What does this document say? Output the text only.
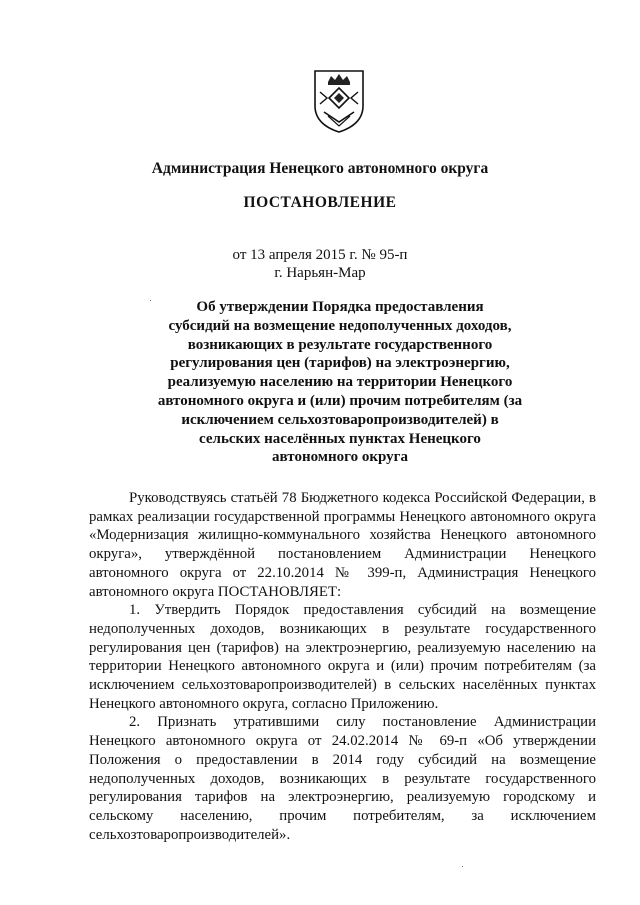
Администрация Ненецкого автономного округа
ПОСТАНОВЛЕНИЕ
от 13 апреля 2015 г. № 95-п
г. Нарьян-Мар
Об утверждении Порядка предоставления
субсидий на возмещение недополученных доходов,
возникающих в результате государственного
регулирования цен (тарифов) на электроэнергию,
реализуемую населению на территории Ненецкого
автономного округа и (или) прочим потребителям (за
исключением сельхозтоваропроизводителей) в
сельских населённых пунктах Ненецкого
автономного округа

Руководствуясь статьёй 78 Бюджетного кодекса Российской Федерации, в рамках реализации государственной программы Ненецкого автономного округа «Модернизация жилищно-коммунального хозяйства Ненецкого автономного округа», утверждённой постановлением Администрации Ненецкого автономного округа от 22.10.2014 № 399-п, Администрация Ненецкого автономного округа ПОСТАНОВЛЯЕТ:

1. Утвердить Порядок предоставления субсидий на возмещение недополученных доходов, возникающих в результате государственного регулирования цен (тарифов) на электроэнергию, реализуемую населению на территории Ненецкого автономного округа и (или) прочим потребителям (за исключением сельхозтоваропроизводителей) в сельских населённых пунктах Ненецкого автономного округа, согласно Приложению.

2. Признать утратившими силу постановление Администрации Ненецкого автономного округа от 24.02.2014 № 69-п «Об утверждении Положения о предоставлении в 2014 году субсидий на возмещение недополученных доходов, возникающих в результате государственного регулирования тарифов на электроэнергию, реализуемую городскому и сельскому населению, прочим потребителям, за исключением сельхозтоваропроизводителей».
